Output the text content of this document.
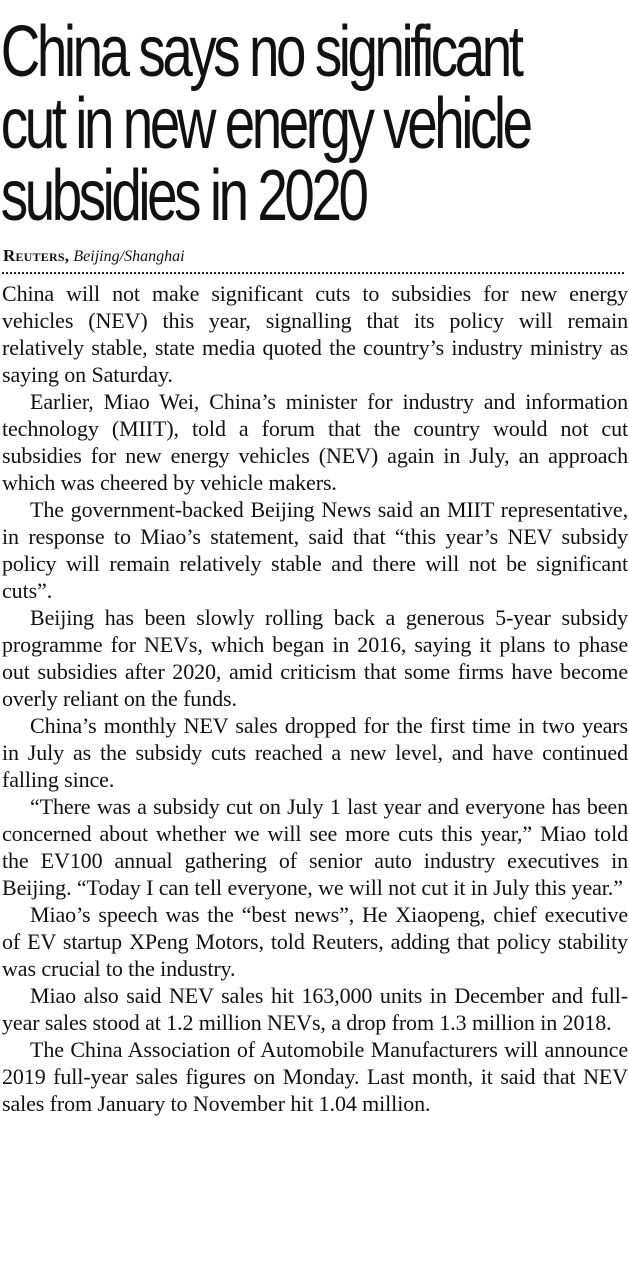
China says no significant
cut in new energy vehicle
subsidies in 2020
Reuters, Beijing/Shanghai

China will not make significant cuts to subsidies for new energy vehicles (NEV) this year, signalling that its policy will remain relatively stable, state media quoted the country’s industry ministry as saying on Saturday.

Earlier, Miao Wei, China’s minister for industry and information technology (MIIT), told a forum that the country would not cut subsidies for new energy vehicles (NEV) again in July, an approach which was cheered by vehicle makers.

The government-backed Beijing News said an MIIT representative, in response to Miao’s statement, said that “this year’s NEV subsidy policy will remain relatively stable and there will not be significant cuts”.

Beijing has been slowly rolling back a generous 5-year subsidy programme for NEVs, which began in 2016, saying it plans to phase out subsidies after 2020, amid criticism that some firms have become overly reliant on the funds.

China’s monthly NEV sales dropped for the first time in two years in July as the subsidy cuts reached a new level, and have continued falling since.

“There was a subsidy cut on July 1 last year and everyone has been concerned about whether we will see more cuts this year,” Miao told the EV100 annual gathering of senior auto industry executives in Beijing. “Today I can tell everyone, we will not cut it in July this year.”

Miao’s speech was the “best news”, He Xiaopeng, chief executive of EV startup XPeng Motors, told Reuters, adding that policy stability was crucial to the industry.

Miao also said NEV sales hit 163,000 units in December and full-year sales stood at 1.2 million NEVs, a drop from 1.3 million in 2018.

The China Association of Automobile Manufacturers will announce 2019 full-year sales figures on Monday. Last month, it said that NEV sales from January to November hit 1.04 million.
